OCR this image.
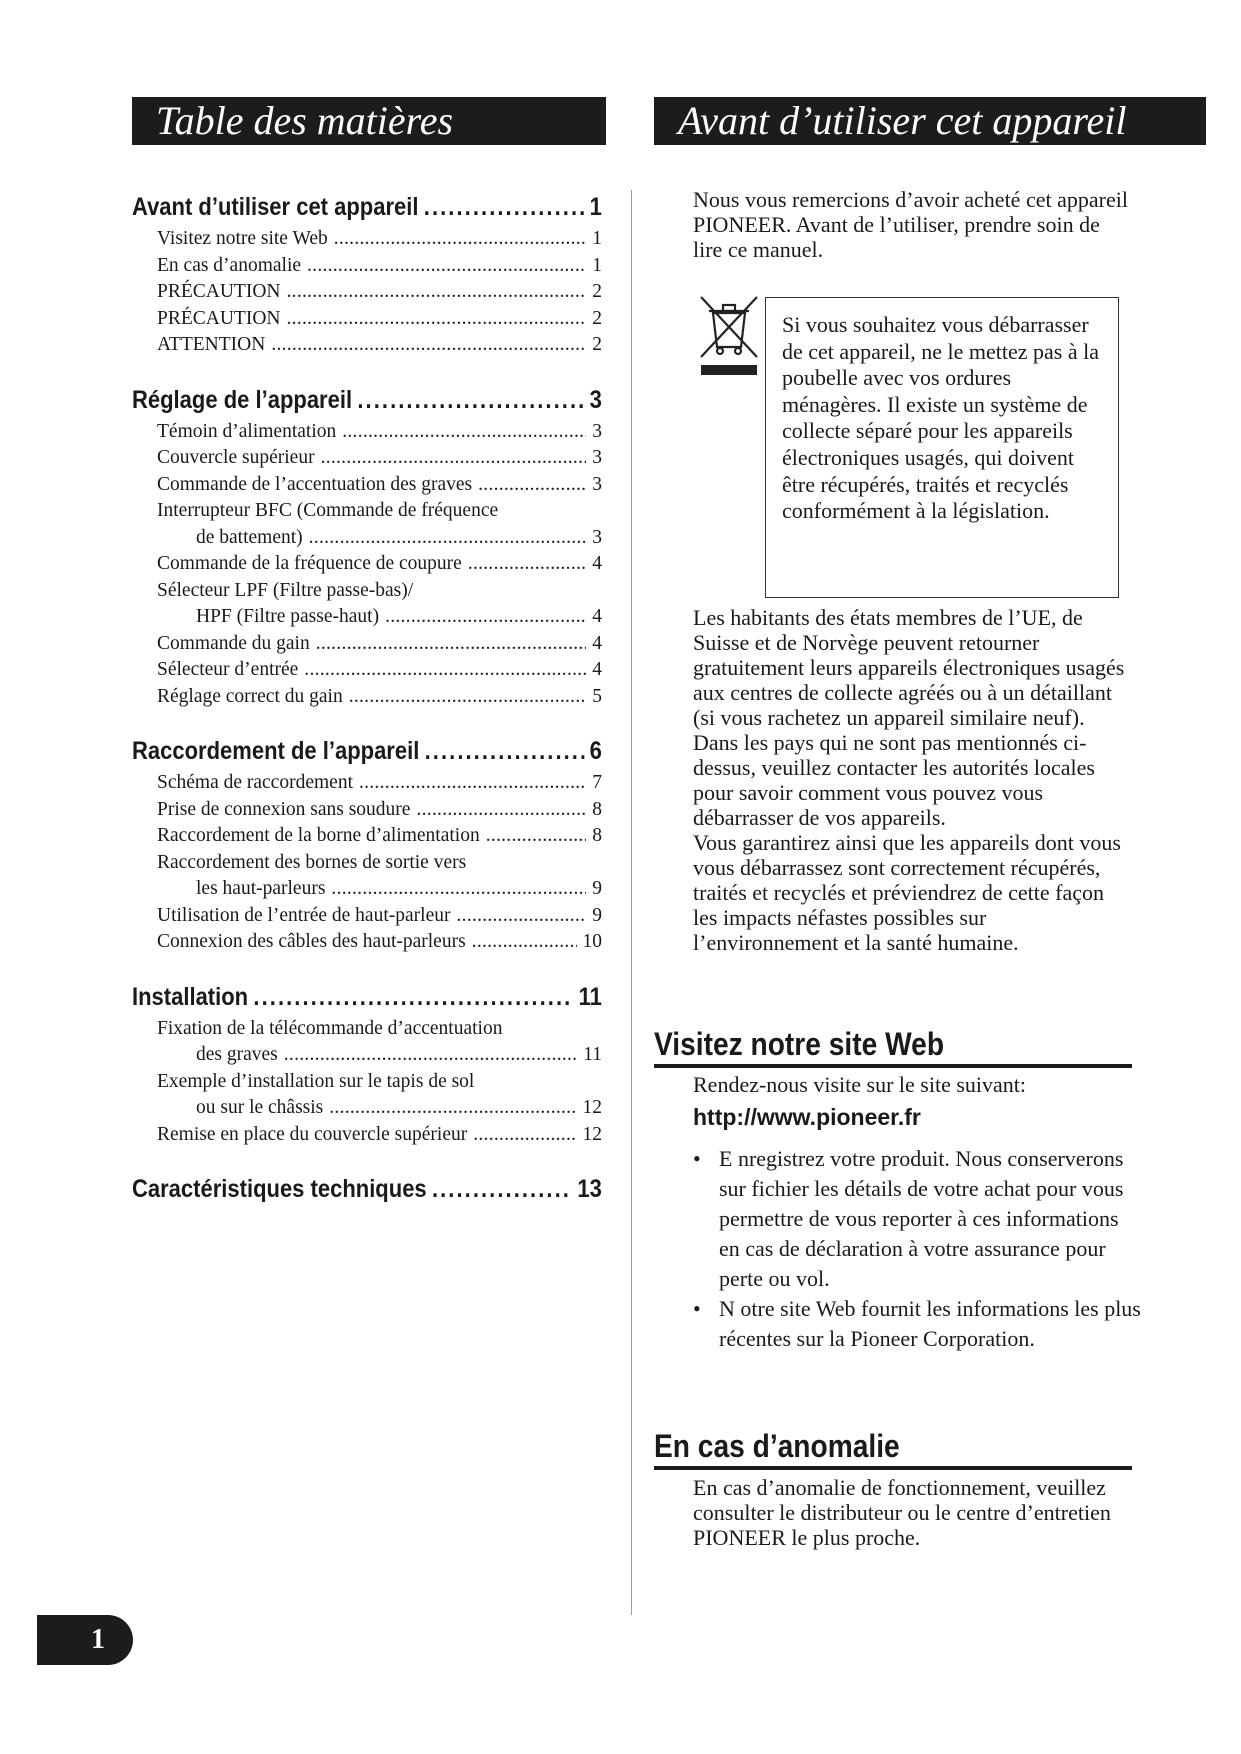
Table des matières	Avant d’utiliser cet appareil
Avant d’utiliser cet appareil . . .	1
Visitez notre site Web . . .	1
En cas d’anomalie . . .	1
PRÉCAUTION . . .	2
PRÉCAUTION . . .	2
ATTENTION . . .	2
Réglage de l’appareil . . .	3
Témoin d’alimentation . . .	3
Couvercle supérieur . . .	3
Commande de l’accentuation des graves . . .	3
Interrupteur BFC (Commande de fréquence
de battement) . . .	3
Commande de la fréquence de coupure . . .	4
Sélecteur LPF (Filtre passe-bas)/
HPF (Filtre passe-haut) . . .	4
Commande du gain . . .	4
Sélecteur d’entrée . . .	4
Réglage correct du gain . . .	5
Raccordement de l’appareil . . .	6
Schéma de raccordement . . .	7
Prise de connexion sans soudure . . .	8
Raccordement de la borne d’alimentation . . .	8
Raccordement des bornes de sortie vers
les haut-parleurs . . .	9
Utilisation de l’entrée de haut-parleur . . .	9
Connexion des câbles des haut-parleurs . . .	10
Installation . . .	11
Fixation de la télécommande d’accentuation
des graves . . .	11
Exemple d’installation sur le tapis de sol
ou sur le châssis . . .	12
Remise en place du couvercle supérieur . . .	12
Caractéristiques techniques . . .	13

Nous vous remercions d’avoir acheté cet appareil PIONEER. Avant de l’utiliser, prendre soin de lire ce manuel.

Si vous souhaitez vous débarrasser de cet appareil, ne le mettez pas à la poubelle avec vos ordures ménagères. Il existe un système de collecte séparé pour les appareils électroniques usagés, qui doivent être récupérés, traités et recyclés conformément à la législation.

Les habitants des états membres de l’UE, de Suisse et de Norvège peuvent retourner gratuitement leurs appareils électroniques usagés aux centres de collecte agréés ou à un détaillant (si vous rachetez un appareil similaire neuf).

Dans les pays qui ne sont pas mentionnés ci-dessus, veuillez contacter les autorités locales pour savoir comment vous pouvez vous débarrasser de vos appareils.

Vous garantirez ainsi que les appareils dont vous vous débarrassez sont correctement récupérés, traités et recyclés et préviendrez de cette façon les impacts néfastes possibles sur l’environnement et la santé humaine.

Visitez notre site Web
Rendez-nous visite sur le site suivant:
http://www.pioneer.fr
• E nregistrez votre produit. Nous conserverons sur fichier les détails de votre achat pour vous permettre de vous reporter à ces informations en cas de déclaration à votre assurance pour perte ou vol.
• N otre site Web fournit les informations les plus récentes sur la Pioneer Corporation.
En cas d’anomalie
En cas d’anomalie de fonctionnement, veuillez consulter le distributeur ou le centre d’entretien PIONEER le plus proche.
1
